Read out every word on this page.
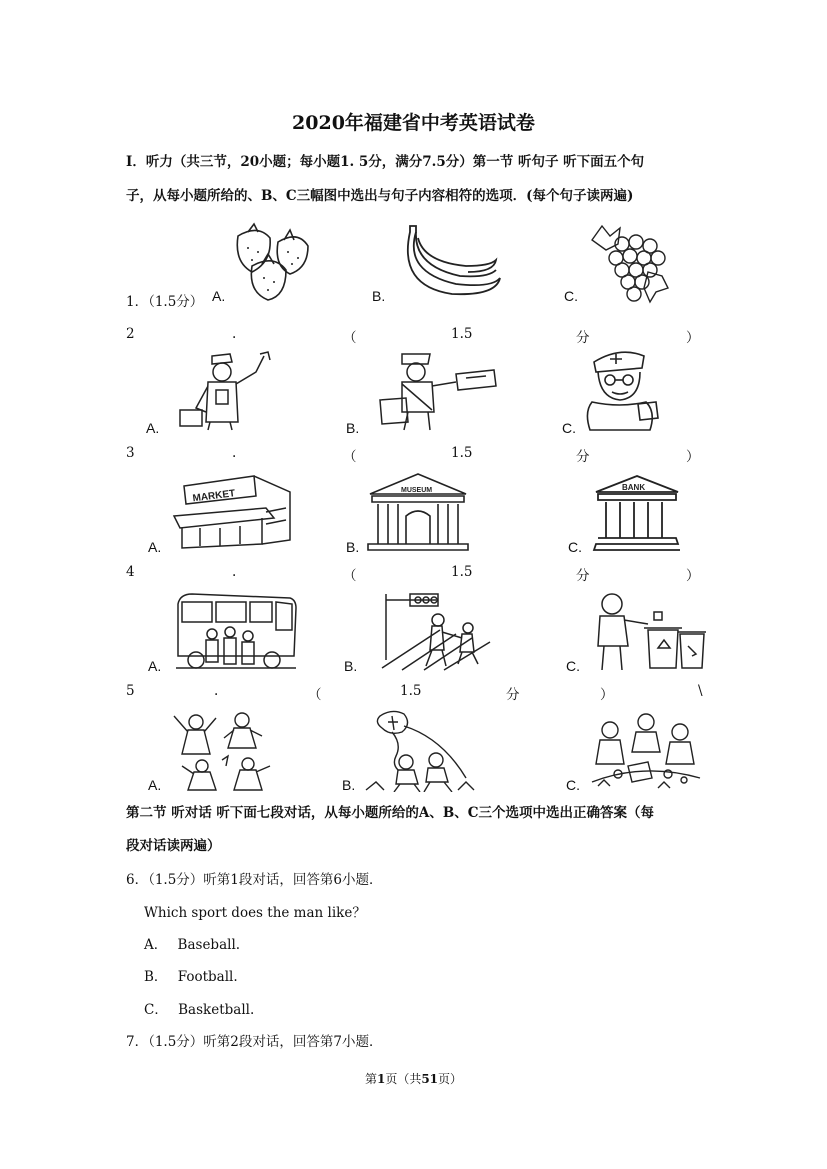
2020年福建省中考英语试卷
Ⅰ．听力（共三节，20小题；每小题1. 5分，满分7.5分）第一节 听句子 听下面五个句
子，从每小题所给的、B、C三幅图中选出与句子内容相符的选项．(每个句子读两遍)
1．（1.5分） A.	B.	C.
2	.	（	1.5	分	）
A.	B.	C.
3	.	（	1.5	分	）
MARKET	MUSEUM	BANK
A.	B.	C.
4	.	（	1.5	分	）
A.	B.	C.
5	.	（	1.5	分	）	\
A.	B.	C.
第二节 听对话 听下面七段对话，从每小题所给的A、B、C三个选项中选出正确答案（每
段对话读两遍）
6．（1.5分）听第1段对话，回答第6小题．
Which sport does the man like？
A． Baseball.
B． Football.
C． Basketball.
7．（1.5分）听第2段对话，回答第7小题．
第1页（共51页）
